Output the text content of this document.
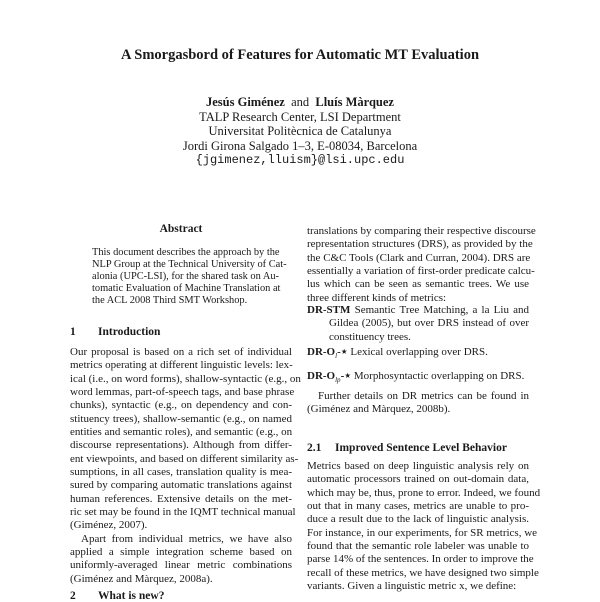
A Smorgasbord of Features for Automatic MT Evaluation
Jesús Giménez and Lluís Màrquez
TALP Research Center, LSI Department
Universitat Politècnica de Catalunya
Jordi Girona Salgado 1–3, E-08034, Barcelona
{jgimenez,lluism}@lsi.upc.edu
Abstract
This document describes the approach by the
NLP Group at the Technical University of Cat-
alonia (UPC-LSI), for the shared task on Au-
tomatic Evaluation of Machine Translation at
the ACL 2008 Third SMT Workshop.
1 Introduction
Our proposal is based on a rich set of individual
metrics operating at different linguistic levels: lex-
ical (i.e., on word forms), shallow-syntactic (e.g., on
word lemmas, part-of-speech tags, and base phrase
chunks), syntactic (e.g., on dependency and con-
stituency trees), shallow-semantic (e.g., on named
entities and semantic roles), and semantic (e.g., on
discourse representations). Although from differ-
ent viewpoints, and based on different similarity as-
sumptions, in all cases, translation quality is mea-
sured by comparing automatic translations against
human references. Extensive details on the met-
ric set may be found in the IQMT technical manual
(Giménez, 2007).
Apart from individual metrics, we have also
applied a simple integration scheme based on
uniformly-averaged linear metric combinations
(Giménez and Màrquez, 2008a).
2 What is new?
translations by comparing their respective discourse
representation structures (DRS), as provided by the
the C&C Tools (Clark and Curran, 2004). DRS are
essentially a variation of first-order predicate calcu-
lus which can be seen as semantic trees. We use
three different kinds of metrics:
DR-STM Semantic Tree Matching, a la Liu and
Gildea (2005), but over DRS instead of over
constituency trees.
$DR-O_l-⋆$ Lexical overlapping over DRS.
$DR-O_{lp}-⋆$ Morphosyntactic overlapping on DRS.
Further details on DR metrics can be found in
(Giménez and Màrquez, 2008b).
2.1 Improved Sentence Level Behavior
Metrics based on deep linguistic analysis rely on
automatic processors trained on out-domain data,
which may be, thus, prone to error. Indeed, we found
out that in many cases, metrics are unable to pro-
duce a result due to the lack of linguistic analysis.
For instance, in our experiments, for SR metrics, we
found that the semantic role labeler was unable to
parse 14% of the sentences. In order to improve the
recall of these metrics, we have designed two simple
variants. Given a linguistic metric x, we define:
